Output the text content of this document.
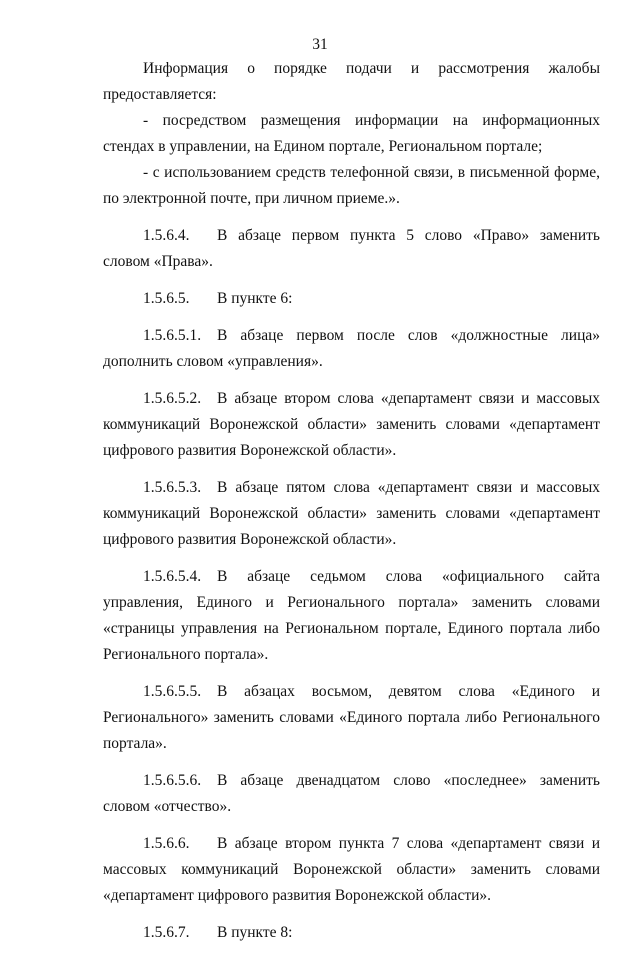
31

Информация о порядке подачи и рассмотрения жалобы предоставляется:

- посредством размещения информации на информационных стендах в управлении, на Едином портале, Региональном портале;

- с использованием средств телефонной связи, в письменной форме, по электронной почте, при личном приеме.».

1.5.6.4. В абзаце первом пункта 5 слово «Право» заменить словом «Права».

1.5.6.5. В пункте 6:

1.5.6.5.1. В абзаце первом после слов «должностные лица» дополнить словом «управления».

1.5.6.5.2. В абзаце втором слова «департамент связи и массовых коммуникаций Воронежской области» заменить словами «департамент цифрового развития Воронежской области».

1.5.6.5.3. В абзаце пятом слова «департамент связи и массовых коммуникаций Воронежской области» заменить словами «департамент цифрового развития Воронежской области».

1.5.6.5.4. В абзаце седьмом слова «официального сайта управления, Единого и Регионального портала» заменить словами «страницы управления на Региональном портале, Единого портала либо Регионального портала».

1.5.6.5.5. В абзацах восьмом, девятом слова «Единого и Регионального» заменить словами «Единого портала либо Регионального портала».

1.5.6.5.6. В абзаце двенадцатом слово «последнее» заменить словом «отчество».

1.5.6.6. В абзаце втором пункта 7 слова «департамент связи и массовых коммуникаций Воронежской области» заменить словами «департамент цифрового развития Воронежской области».

1.5.6.7. В пункте 8:
